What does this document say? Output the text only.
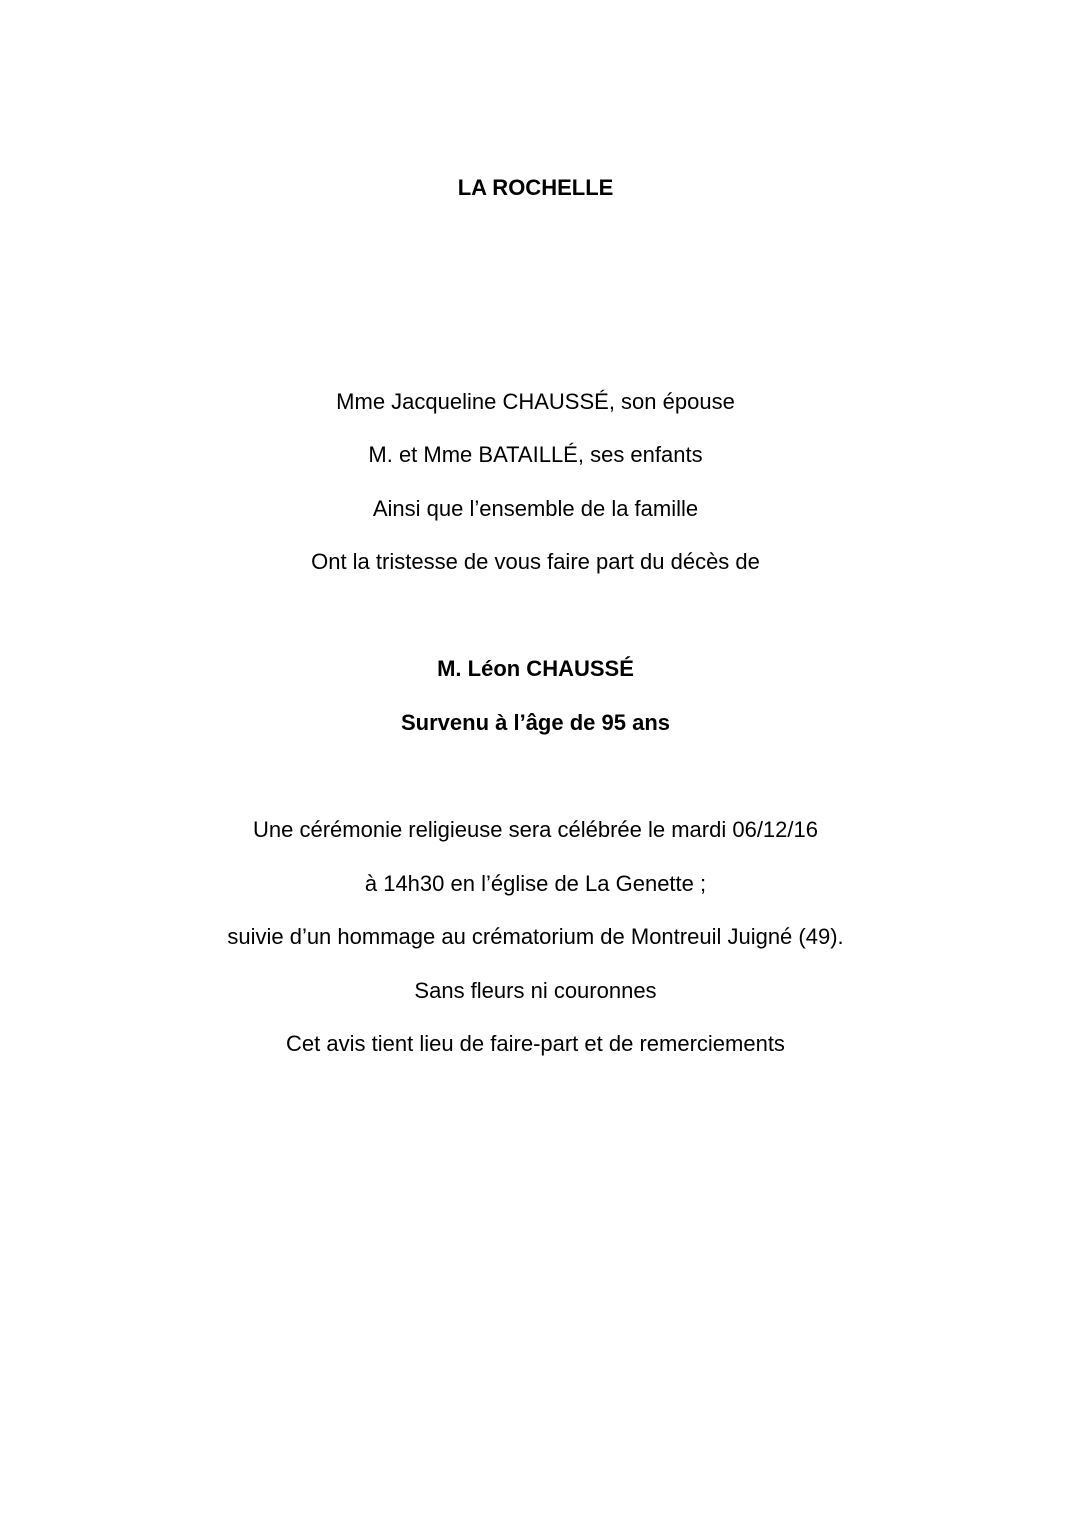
LA ROCHELLE
Mme Jacqueline CHAUSSÉ, son épouse
M. et Mme BATAILLÉ, ses enfants
Ainsi que l’ensemble de la famille
Ont la tristesse de vous faire part du décès de
M. Léon CHAUSSÉ
Survenu à l’âge de 95 ans
Une cérémonie religieuse sera célébrée le mardi 06/12/16
à 14h30 en l’église de La Genette ;
suivie d’un hommage au crématorium de Montreuil Juigné (49).
Sans fleurs ni couronnes
Cet avis tient lieu de faire-part et de remerciements
